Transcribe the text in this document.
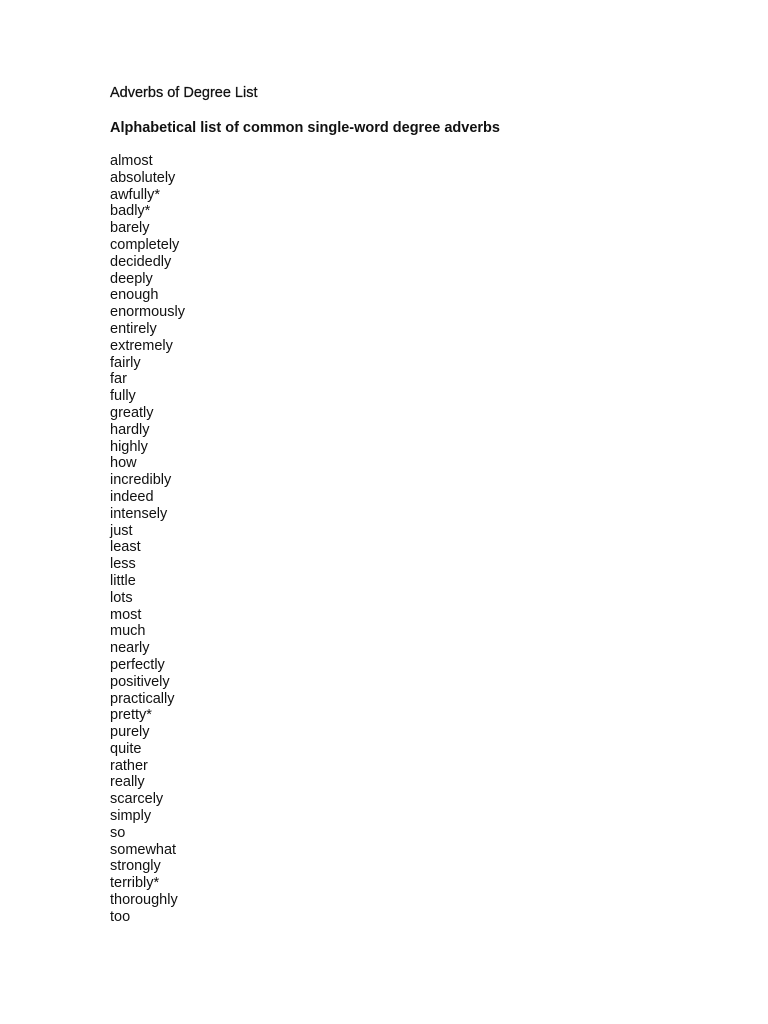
Adverbs of Degree List
Alphabetical list of common single-word degree adverbs
almost
absolutely
awfully*
badly*
barely
completely
decidedly
deeply
enough
enormously
entirely
extremely
fairly
far
fully
greatly
hardly
highly
how
incredibly
indeed
intensely
just
least
less
little
lots
most
much
nearly
perfectly
positively
practically
pretty*
purely
quite
rather
really
scarcely
simply
so
somewhat
strongly
terribly*
thoroughly
too
